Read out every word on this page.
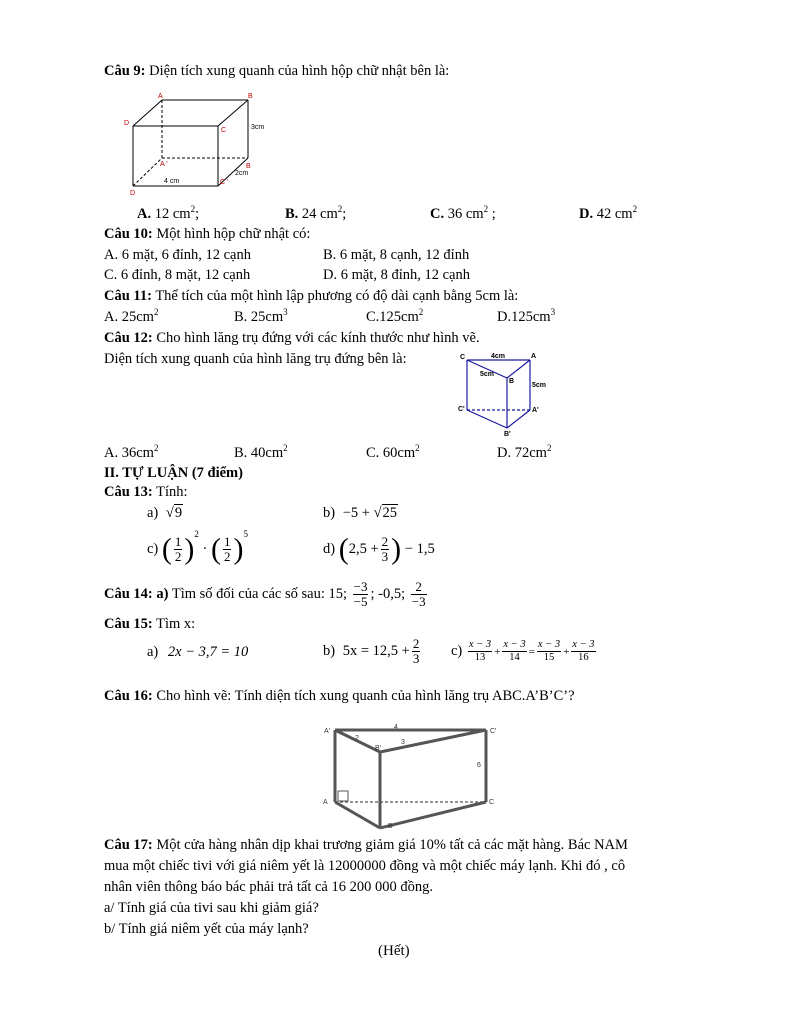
Câu 9: Diện tích xung quanh của hình hộp chữ nhật bên là:
A	B
C
D
A '	B
C '
D
3cm
2cm
4 cm
A. 12 $cm^2$;	B. 24 $cm^2$;	C. 36 $cm^2$ ;	D. 42 $cm^2$
Câu 10: Một hình hộp chữ nhật có:
A. 6 mặt, 6 đỉnh, 12 cạnh	B. 6 mặt, 8 cạnh, 12 đỉnh
C. 6 đỉnh, 8 mặt, 12 cạnh	D. 6 mặt, 8 đỉnh, 12 cạnh
Câu 11: Thể tích của một hình lập phương có độ dài cạnh bằng 5cm là:
A. $25cm^2$	B. $25cm^3$	$C.125cm^2$	$D.125cm^3$
Câu 12: Cho hình lăng trụ đứng với các kính thước như hình vẽ.
Diện tích xung quanh của hình lăng trụ đứng bên là:	C	A
B
C'	A'
B'
4cm
5cm
5cm
A. $36cm^2$	B. $40cm^2$	C. $60cm^2$	D. $72cm^2$
II. TỰ LUẬN (7 điểm)
Câu 13: Tính:
a) √9	b) −5 + √25
c) ( $\frac{1}{2} )^2$ · ( $\frac{1}{2} )^5$
d) ($2,5 + \frac{2}{3}$ ) − 1,5
Câu 14: a) Tìm số đối của các số sau: 15; $\frac{-3}{-5}$ ; -0,5; $\frac{2}{-3}$
Câu 15: Tìm x:
a) 2x − 3,7 = 10	b) $5x = 12,5 + \frac{2}{3} c) \frac{x - 3}{13} + \frac{x - 3}{14} = \frac{x - 3}{15} + \frac{x - 3}{16}$
Câu 16: Cho hình vẽ: Tính diện tích xung quanh của hình lăng trụ ABC.A’B’C’?
A'
B'
C'
A
B
C
4
3
2
6
Câu 17: Một cửa hàng nhân dịp khai trương giảm giá 10% tất cả các mặt hàng. Bác NAM
mua một chiếc tivi với giá niêm yết là 12000000 đồng và một chiếc máy lạnh. Khi đó , cô
nhân viên thông báo bác phải trả tất cả 16 200 000 đồng.
a/ Tính giá của tivi sau khi giảm giá?
b/ Tính giá niêm yết của máy lạnh?
(Hết)
